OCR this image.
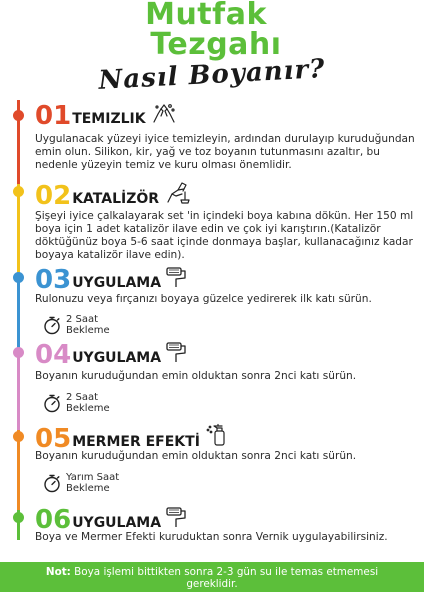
Mutfak
Tezgahı
Nasıl Boyanır?
01 TEMIZLIK
Uygulanacak yüzeyi iyice temizleyin, ardından durulayıp kuruduğundan emin olun. Silikon, kir, yağ ve toz boyanın tutunmasını azaltır, bu nedenle yüzeyin temiz ve kuru olması önemlidir.
02 KATALİZÖR
Şişeyi iyice çalkalayarak set 'in içindeki boya kabına dökün. Her 150 ml boya için 1 adet katalizör ilave edin ve çok iyi karıştırın.(Katalizör döktüğünüz boya 5-6 saat içinde donmaya başlar, kullanacağınız kadar boyaya katalizör ilave edin).
03 UYGULAMA
Rulonuzu veya fırçanızı boyaya güzelce yedirerek ilk katı sürün.
2 Saat
Bekleme
04 UYGULAMA
Boyanın kuruduğundan emin olduktan sonra 2nci katı sürün.
2 Saat
Bekleme
05 MERMER EFEKTİ
Boyanın kuruduğundan emin olduktan sonra 2nci katı sürün.
Yarım Saat
Bekleme
06 UYGULAMA
Boya ve Mermer Efekti kuruduktan sonra Vernik uygulayabilirsiniz.
Not: Boya işlemi bittikten sonra 2-3 gün su ile temas etmemesi
gereklidir.
